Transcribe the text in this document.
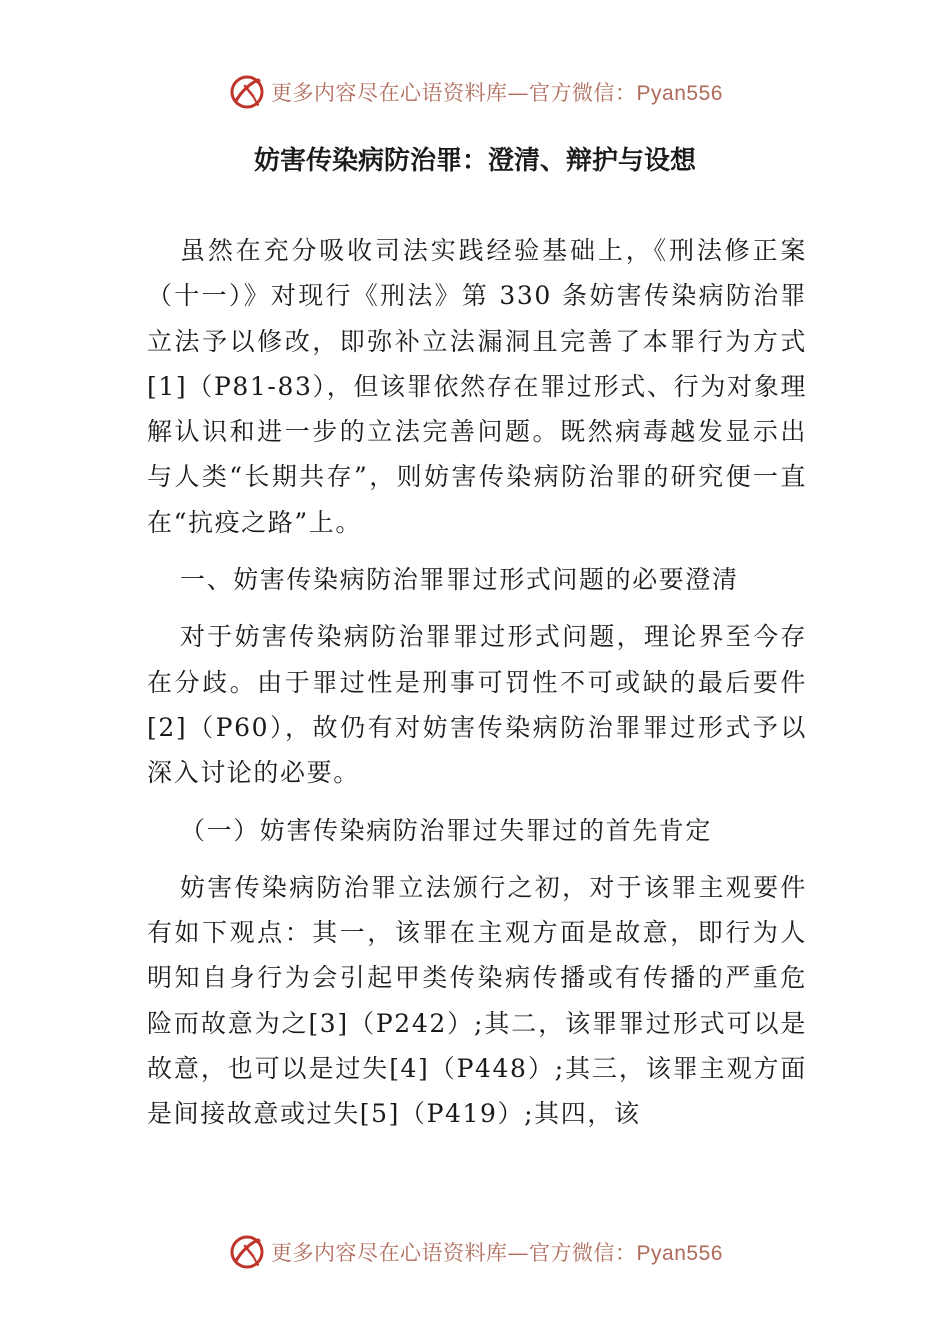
更多内容尽在心语资料库—官方微信：Pyan556
妨害传染病防治罪：澄清、辩护与设想

虽然在充分吸收司法实践经验基础上，《刑法修正案（十一）》对现行《刑法》第 330 条妨害传染病防治罪立法予以修改，即弥补立法漏洞且完善了本罪行为方式[1]（P81-83），但该罪依然存在罪过形式、行为对象理解认识和进一步的立法完善问题。既然病毒越发显示出与人类“长期共存”，则妨害传染病防治罪的研究便一直在“抗疫之路”上。

一、妨害传染病防治罪罪过形式问题的必要澄清

对于妨害传染病防治罪罪过形式问题，理论界至今存在分歧。由于罪过性是刑事可罚性不可或缺的最后要件[2]（P60），故仍有对妨害传染病防治罪罪过形式予以深入讨论的必要。

（一）妨害传染病防治罪过失罪过的首先肯定

妨害传染病防治罪立法颁行之初，对于该罪主观要件有如下观点：其一，该罪在主观方面是故意，即行为人明知自身行为会引起甲类传染病传播或有传播的严重危险而故意为之[3]（P242）;其二，该罪罪过形式可以是故意，也可以是过失[4]（P448）;其三，该罪主观方面是间接故意或过失[5]（P419）;其四，该

更多内容尽在心语资料库—官方微信：Pyan556
